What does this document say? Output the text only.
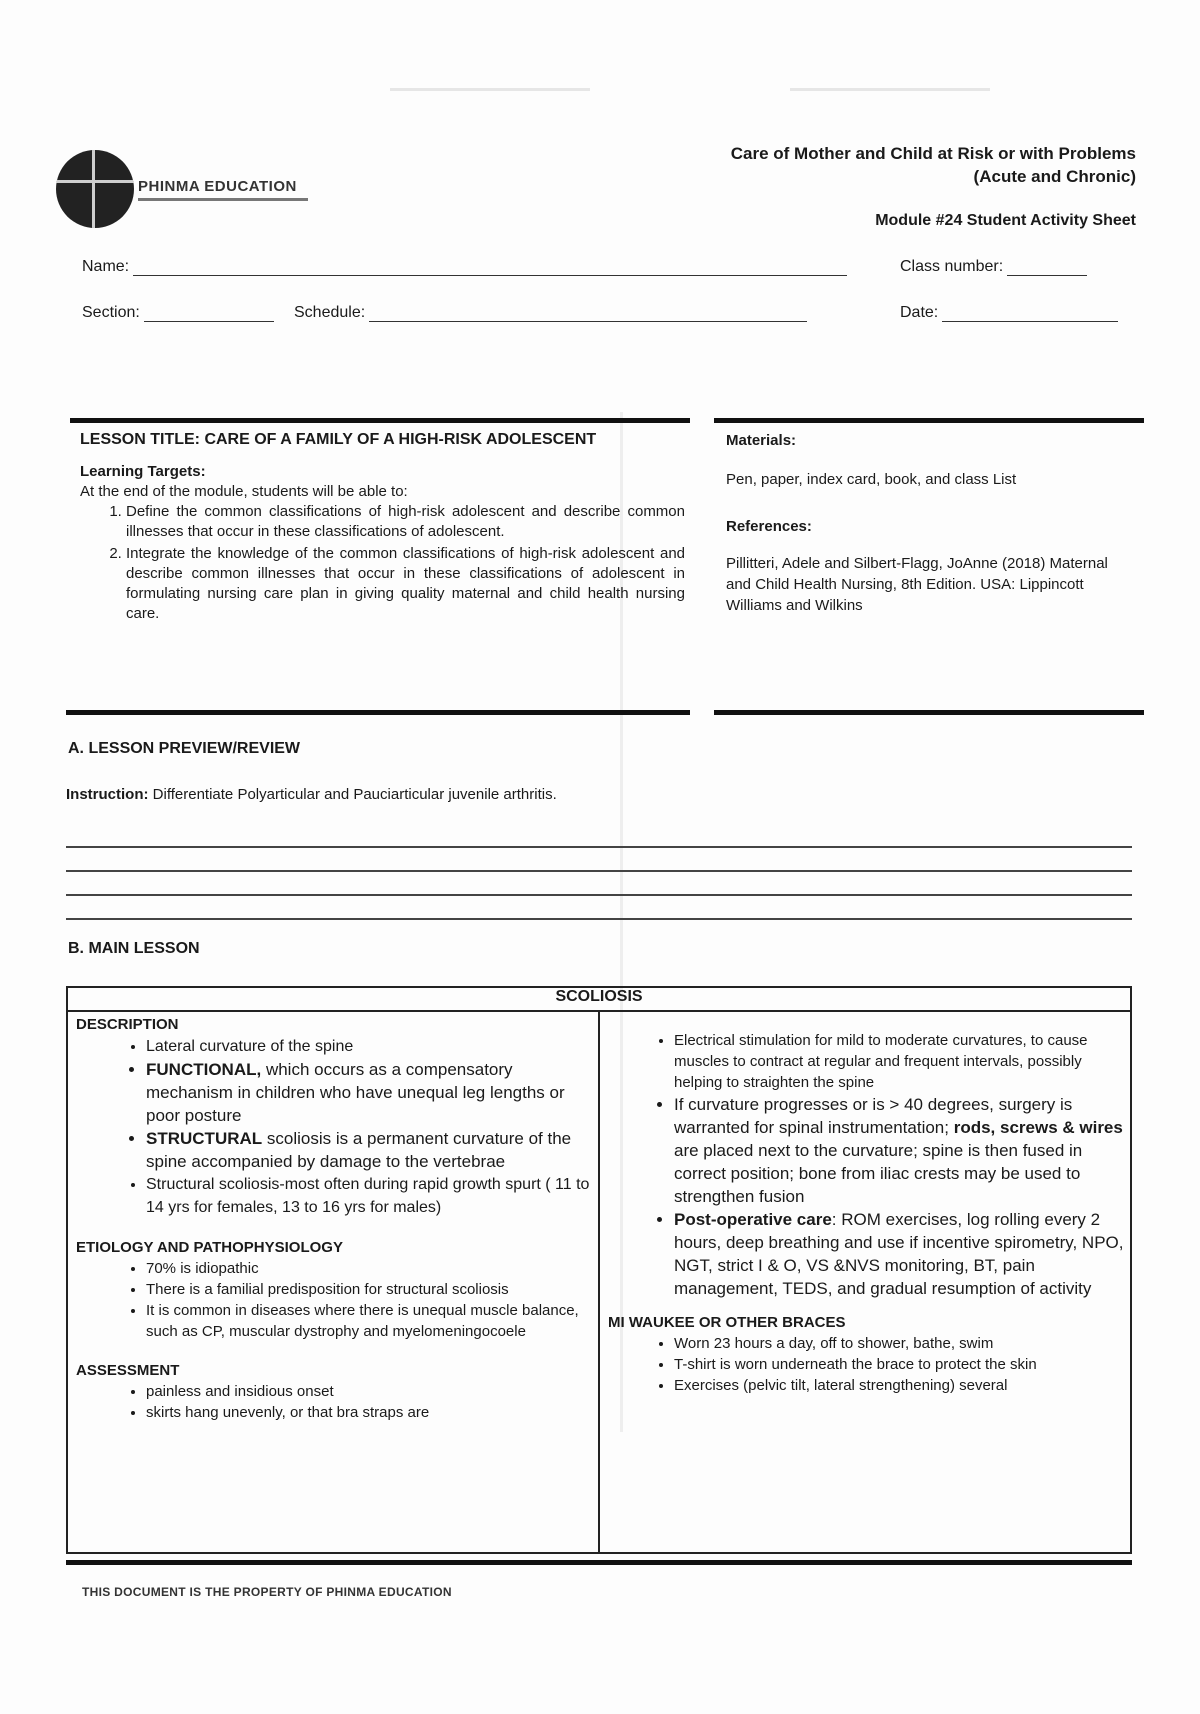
PHINMA EDUCATION
Care of Mother and Child at Risk or with Problems (Acute and Chronic)
Module #24 Student Activity Sheet
Name:	Class number:
Section:	Schedule:	Date:
LESSON TITLE: CARE OF A FAMILY OF A HIGH-RISK ADOLESCENT
Learning Targets:
At the end of the module, students will be able to:
1. Define the common classifications of high-risk adolescent and describe common illnesses that occur in these classifications of adolescent.
2. Integrate the knowledge of the common classifications of high-risk adolescent and describe common illnesses that occur in these classifications of adolescent in formulating nursing care plan in giving quality maternal and child health nursing care.
Materials:
Pen, paper, index card, book, and class List
References:
Pillitteri, Adele and Silbert-Flagg, JoAnne (2018) Maternal and Child Health Nursing, 8th Edition. USA: Lippincott Williams and Wilkins
A. LESSON PREVIEW/REVIEW
Instruction: Differentiate Polyarticular and Pauciarticular juvenile arthritis.
B. MAIN LESSON
SCOLIOSIS

DESCRIPTION
• Lateral curvature of the spine
• FUNCTIONAL, which occurs as a compensatory mechanism in children who have unequal leg lengths or poor posture
• STRUCTURAL scoliosis is a permanent curvature of the spine accompanied by damage to the vertebrae
• Structural scoliosis-most often during rapid growth spurt ( 11 to 14 yrs for females, 13 to 16 yrs for males)
ETIOLOGY AND PATHOPHYSIOLOGY
• 70% is idiopathic
• There is a familial predisposition for structural scoliosis
• It is common in diseases where there is unequal muscle balance, such as CP, muscular dystrophy and myelomeningocoele
ASSESSMENT
• painless and insidious onset
• skirts hang unevenly, or that bra straps are

• Electrical stimulation for mild to moderate curvatures, to cause muscles to contract at regular and frequent intervals, possibly helping to straighten the spine
• If curvature progresses or is > 40 degrees, surgery is warranted for spinal instrumentation; rods, screws & wires are placed next to the curvature; spine is then fused in correct position; bone from iliac crests may be used to strengthen fusion
• Post-operative care: ROM exercises, log rolling every 2 hours, deep breathing and use if incentive spirometry, NPO, NGT, strict I & O, VS &NVS monitoring, BT, pain management, TEDS, and gradual resumption of activity
MI WAUKEE OR OTHER BRACES
• Worn 23 hours a day, off to shower, bathe, swim
• T-shirt is worn underneath the brace to protect the skin
• Exercises (pelvic tilt, lateral strengthening) several
THIS DOCUMENT IS THE PROPERTY OF PHINMA EDUCATION
